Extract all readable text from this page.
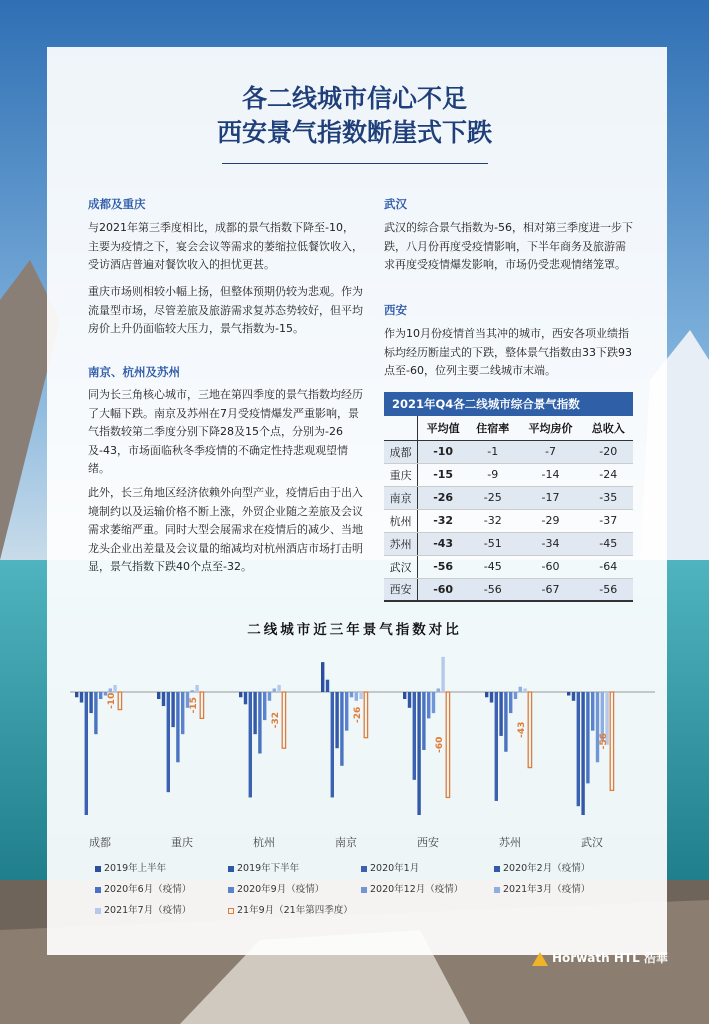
各二线城市信心不足
西安景气指数断崖式下跌
成都及重庆
与2021年第三季度相比，成都的景气指数下降至-10，主要为疫情之下，宴会会议等需求的萎缩拉低餐饮收入，受访酒店普遍对餐饮收入的担忧更甚。
重庆市场则相较小幅上扬，但整体预期仍较为悲观。作为流量型市场，尽管差旅及旅游需求复苏态势较好，但平均房价上升仍面临较大压力，景气指数为-15。
南京、杭州及苏州
同为长三角核心城市，三地在第四季度的景气指数均经历了大幅下跌。南京及苏州在7月受疫情爆发严重影响，景气指数较第二季度分别下降28及15个点，分别为-26及-43，市场面临秋冬季疫情的不确定性持悲观观望情绪。
此外，长三角地区经济依赖外向型产业，疫情后由于出入境制约以及运输价格不断上涨，外贸企业随之差旅及会议需求萎缩严重。同时大型会展需求在疫情后的减少、当地龙头企业出差量及会议量的缩减均对杭州酒店市场打击明显，景气指数下跌40个点至-32。
武汉
武汉的综合景气指数为-56，相对第三季度进一步下跌，八月份再度受疫情影响，下半年商务及旅游需求再度受疫情爆发影响，市场仍受悲观情绪笼罩。
西安
作为10月份疫情首当其冲的城市，西安各项业绩指标均经历断崖式的下跌，整体景气指数由33下跌93点至-60，位列主要二线城市末端。
2021年Q4各二线城市综合景气指数
	平均值	住宿率	平均房价	总收入
成都	-10	-1	-7	-20
重庆	-15	-9	-14	-24
南京	-26	-25	-17	-35
杭州	-32	-32	-29	-37
苏州	-43	-51	-34	-45
武汉	-56	-45	-60	-64
西安	-60	-56	-67	-56
二线城市近三年景气指数对比
-10
成都
-15
重庆
-32
杭州
-26
南京
-60
西安
-43
苏州
-56
武汉
2019年上半年	2019年下半年	2020年1月	2020年2月（疫情）
2020年6月（疫情）	2020年9月（疫情）	2020年12月（疫情）	2021年3月（疫情）
2021年7月（疫情）	21年9月（21年第四季度）
Horwath HTL 浩華
